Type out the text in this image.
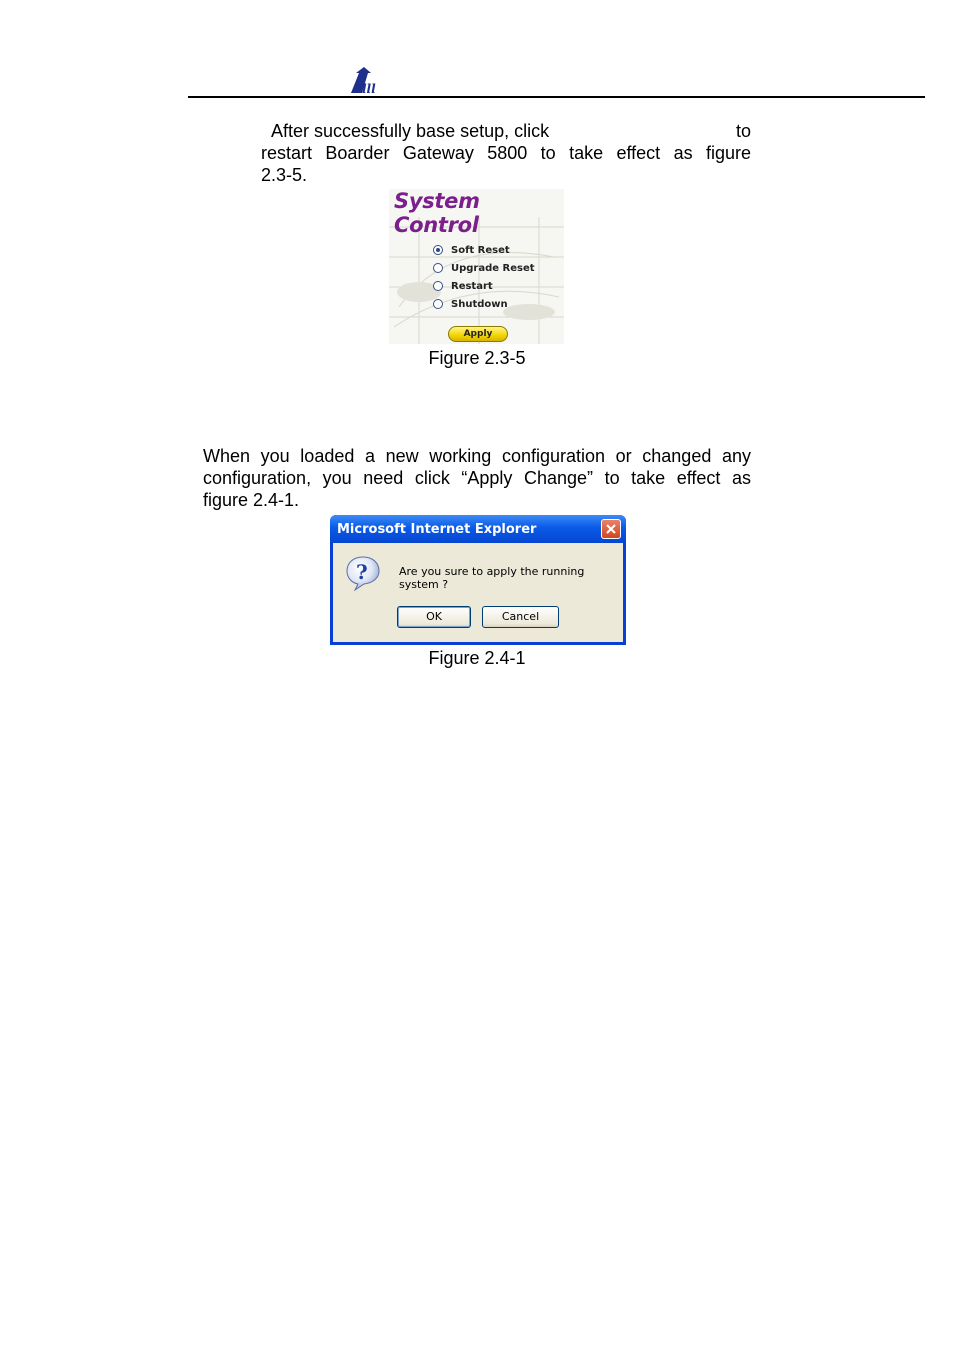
lll
After successfully base setup, click	to
restart Boarder Gateway 5800 to take effect as figure
2.3-5.
System Control
Soft Reset
Upgrade Reset
Restart
Shutdown
Apply
Figure 2.3-5
When you loaded a new working configuration or changed any
configuration, you need click “Apply Change” to take effect as
figure 2.4-1.
Microsoft Internet Explorer
?	Are you sure to apply the running system ?
OK	Cancel
Figure 2.4-1
